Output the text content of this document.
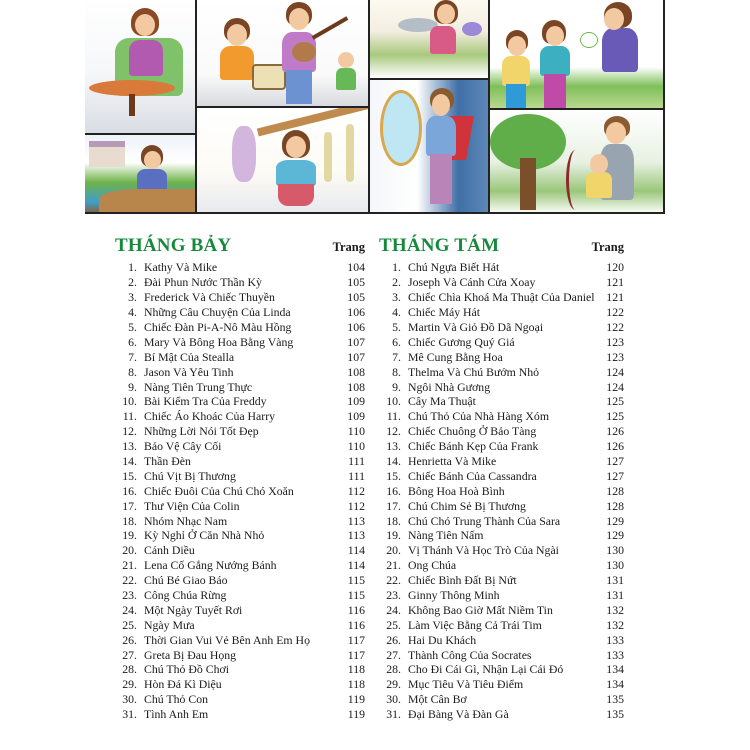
THÁNG BẢY	Trang
1. Kathy Và Mike	104
2. Đài Phun Nước Thần Kỳ	105
3. Frederick Và Chiếc Thuyền	105
4. Những Câu Chuyện Của Linda	106
5. Chiếc Đàn Pi-A-Nô Màu Hồng	106
6. Mary Và Bông Hoa Bằng Vàng	107
7. Bí Mật Của Stealla	107
8. Jason Và Yêu Tinh	108
9. Nàng Tiên Trung Thực	108
10. Bài Kiểm Tra Của Freddy	109
11. Chiếc Áo Khoác Của Harry	109
12. Những Lời Nói Tốt Đẹp	110
13. Bảo Vệ Cây Cối	110
14. Thần Đèn	111
15. Chú Vịt Bị Thương	111
16. Chiếc Đuôi Của Chú Chó Xoăn	112
17. Thư Viện Của Colin	112
18. Nhóm Nhạc Nam	113
19. Kỳ Nghỉ Ở Căn Nhà Nhỏ	113
20. Cánh Diều	114
21. Lena Cố Gắng Nướng Bánh	114
22. Chú Bé Giao Báo	115
23. Công Chúa Rừng	115
24. Một Ngày Tuyết Rơi	116
25. Ngày Mưa	116
26. Thời Gian Vui Vẻ Bên Anh Em Họ	117
27. Greta Bị Đau Họng	117
28. Chú Thỏ Đồ Chơi	118
29. Hòn Đá Kì Diệu	118
30. Chú Thỏ Con	119
31. Tình Anh Em	119
THÁNG TÁM	Trang
1. Chú Ngựa Biết Hát	120
2. Joseph Và Cánh Cửa Xoay	121
3. Chiếc Chìa Khoá Ma Thuật Của Daniel 121
4. Chiếc Máy Hát	122
5. Martin Và Giỏ Đồ Dã Ngoại	122
6. Chiếc Gương Quý Giá	123
7. Mê Cung Bằng Hoa	123
8. Thelma Và Chú Bướm Nhỏ	124
9. Ngôi Nhà Gương	124
10. Cây Ma Thuật	125
11. Chú Thỏ Của Nhà Hàng Xóm	125
12. Chiếc Chuông Ở Bảo Tàng	126
13. Chiếc Bánh Kẹp Của Frank	126
14. Henrietta Và Mike	127
15. Chiếc Bánh Của Cassandra	127
16. Bông Hoa Hoà Bình	128
17. Chú Chim Sẻ Bị Thương	128
18. Chú Chó Trung Thành Của Sara	129
19. Nàng Tiên Nấm	129
20. Vị Thánh Và Học Trò Của Ngài	130
21. Ong Chúa	130
22. Chiếc Bình Đất Bị Nứt	131
23. Ginny Thông Minh	131
24. Không Bao Giờ Mất Niềm Tin	132
25. Làm Việc Bằng Cả Trái Tim	132
26. Hai Du Khách	133
27. Thành Công Của Socrates	133
28. Cho Đi Cái Gì, Nhận Lại Cái Đó	134
29. Mục Tiêu Và Tiêu Điểm	134
30. Một Cân Bơ	135
31. Đại Bàng Và Đàn Gà	135
